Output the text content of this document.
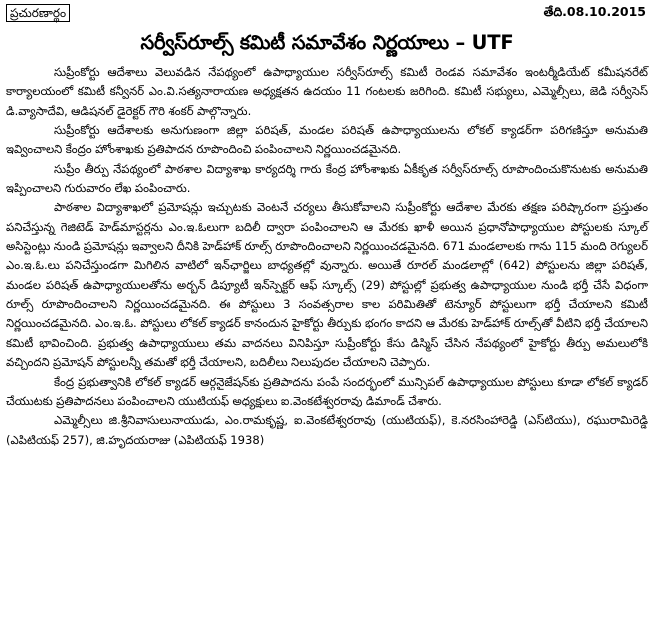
ప్రచురణార్థం	తేది.08.10.2015
సర్వీస్‌రూల్స్ కమిటీ సమావేశం నిర్ణయాలు – UTF

సుప్రీంకోర్టు ఆదేశాలు వెలువడిన నేపథ్యంలో ఉపాధ్యాయుల సర్వీస్‌రూల్స్ కమిటీ రెండవ సమావేశం ఇంటర్మీడియేట్ కమీషనరేట్ కార్యాలయంలో కమిటీ కన్వీనర్ ఎం.వి.సత్యనారాయణ అధ్యక్షతన ఉదయం 11 గంటలకు జరిగింది. కమిటీ సభ్యులు, ఎమ్మెల్సీలు, జెడి సర్వీసెస్ డి.వ్యాసాదేవి, ఆడిషనల్ డైరెక్టర్ గౌరి శంకర్ పాల్గొన్నారు.

సుప్రీంకోర్టు ఆదేశాలకు అనుగుణంగా జిల్లా పరిషత్, మండల పరిషత్ ఉపాధ్యాయులను లోకల్ క్యాడర్‌గా పరిగణిస్తూ అనుమతి ఇవ్వించాలని కేంద్రం హోంశాఖకు ప్రతిపాదన రూపొందించి పంపించాలని నిర్ణయించడమైనది.

సుప్రీం తీర్పు నేపథ్యంలో పాఠశాల విద్యాశాఖ కార్యదర్శి గారు కేంద్ర హోంశాఖకు ఏకీకృత సర్వీస్‌రూల్స్ రూపొందించుకొనుటకు అనుమతి ఇప్పించాలని గురువారం లేఖ పంపించారు.

పాఠశాల విద్యాశాఖలో ప్రమోషన్లు ఇచ్చుటకు వెంటనే చర్యలు తీసుకోవాలని సుప్రీంకోర్టు ఆదేశాల మేరకు తక్షణ పరిష్కారంగా ప్రస్తుతం పనిచేస్తున్న గెజిటెడ్ హెడ్‌మాస్టర్లను ఎం.ఇ.ఓలుగా బదిలీ ద్వారా పంపించాలని ఆ మేరకు ఖాళీ అయిన ప్రధానోపాధ్యాయుల పోస్టులకు స్కూల్ అసిస్టెంట్లు నుండి ప్రమోషన్లు ఇవ్వాలని దీనికి హెడ్‌హాక్ రూల్స్ రూపొందించాలని నిర్ణయించడమైనది. 671 మండలాలకు గాను 115 మంది రెగ్యులర్ ఎం.ఇ.ఓ.లు పనిచేస్తుండగా మిగిలిన వాటిలో ఇన్‌ఛార్జిలు బాధ్యతల్లో వున్నారు. అయితే రూరల్ మండలాల్లో (642) పోస్టులను జిల్లా పరిషత్, మండల పరిషత్ ఉపాధ్యాయులతోను అర్బన్ డిప్యూటీ ఇన్‌స్పెక్టర్ ఆఫ్ స్కూల్స్ (29) పోస్టుల్లో ప్రభుత్వ ఉపాధ్యాయుల నుండి భర్తీ చేసే విధంగా రూల్స్ రూపొందించాలని నిర్ణయించడమైనది. ఈ పోస్టులు 3 సంవత్సరాల కాల పరిమితితో టెన్యూర్ పోస్టులుగా భర్తీ చేయాలని కమిటీ నిర్ణయించడమైనది. ఎం.ఇ.ఓ. పోస్టులు లోకల్ క్యాడర్ కానందున హైకోర్టు తీర్పుకు భంగం కాదని ఆ మేరకు హెడ్‌హాక్ రూల్స్‌తో వీటిని భర్తీ చేయాలని కమిటీ భావించింది. ప్రభుత్వ ఉపాధ్యాయులు తమ వాదనలు వినిపిస్తూ సుప్రీంకోర్టు కేసు డిస్మిస్ చేసిన నేపథ్యంలో హైకోర్టు తీర్పు అమలులోకి వచ్చిందని ప్రమోషన్ పోస్టులన్నీ తమతో భర్తీ చేయాలని, బదిలీలు నిలుపుదల చేయాలని చెప్పారు.

కేంద్ర ప్రభుత్వానికి లోకల్ క్యాడర్ ఆర్గనైజేషన్‌కు ప్రతిపాదను పంపే సందర్భంలో మున్సిపల్ ఉపాధ్యాయుల పోస్టులు కూడా లోకల్ క్యాడర్ చేయుటకు ప్రతిపాదనలు పంపించాలని యుటియఫ్ అధ్యక్షులు ఐ.వెంకటేశ్వరరావు డిమాండ్ చేశారు.

ఎమ్మెల్సీలు జి.శ్రీనివాసులునాయుడు, ఎం.రామకృష్ణ, ఐ.వెంకటేశ్వరరావు (యుటియఫ్), కె.నరసింహారెడ్డి (ఎస్‌టియు), రఘురామిరెడ్డి (ఎపిటియఫ్ 257), జి.హృదయరాజు (ఎపిటియఫ్ 1938)
